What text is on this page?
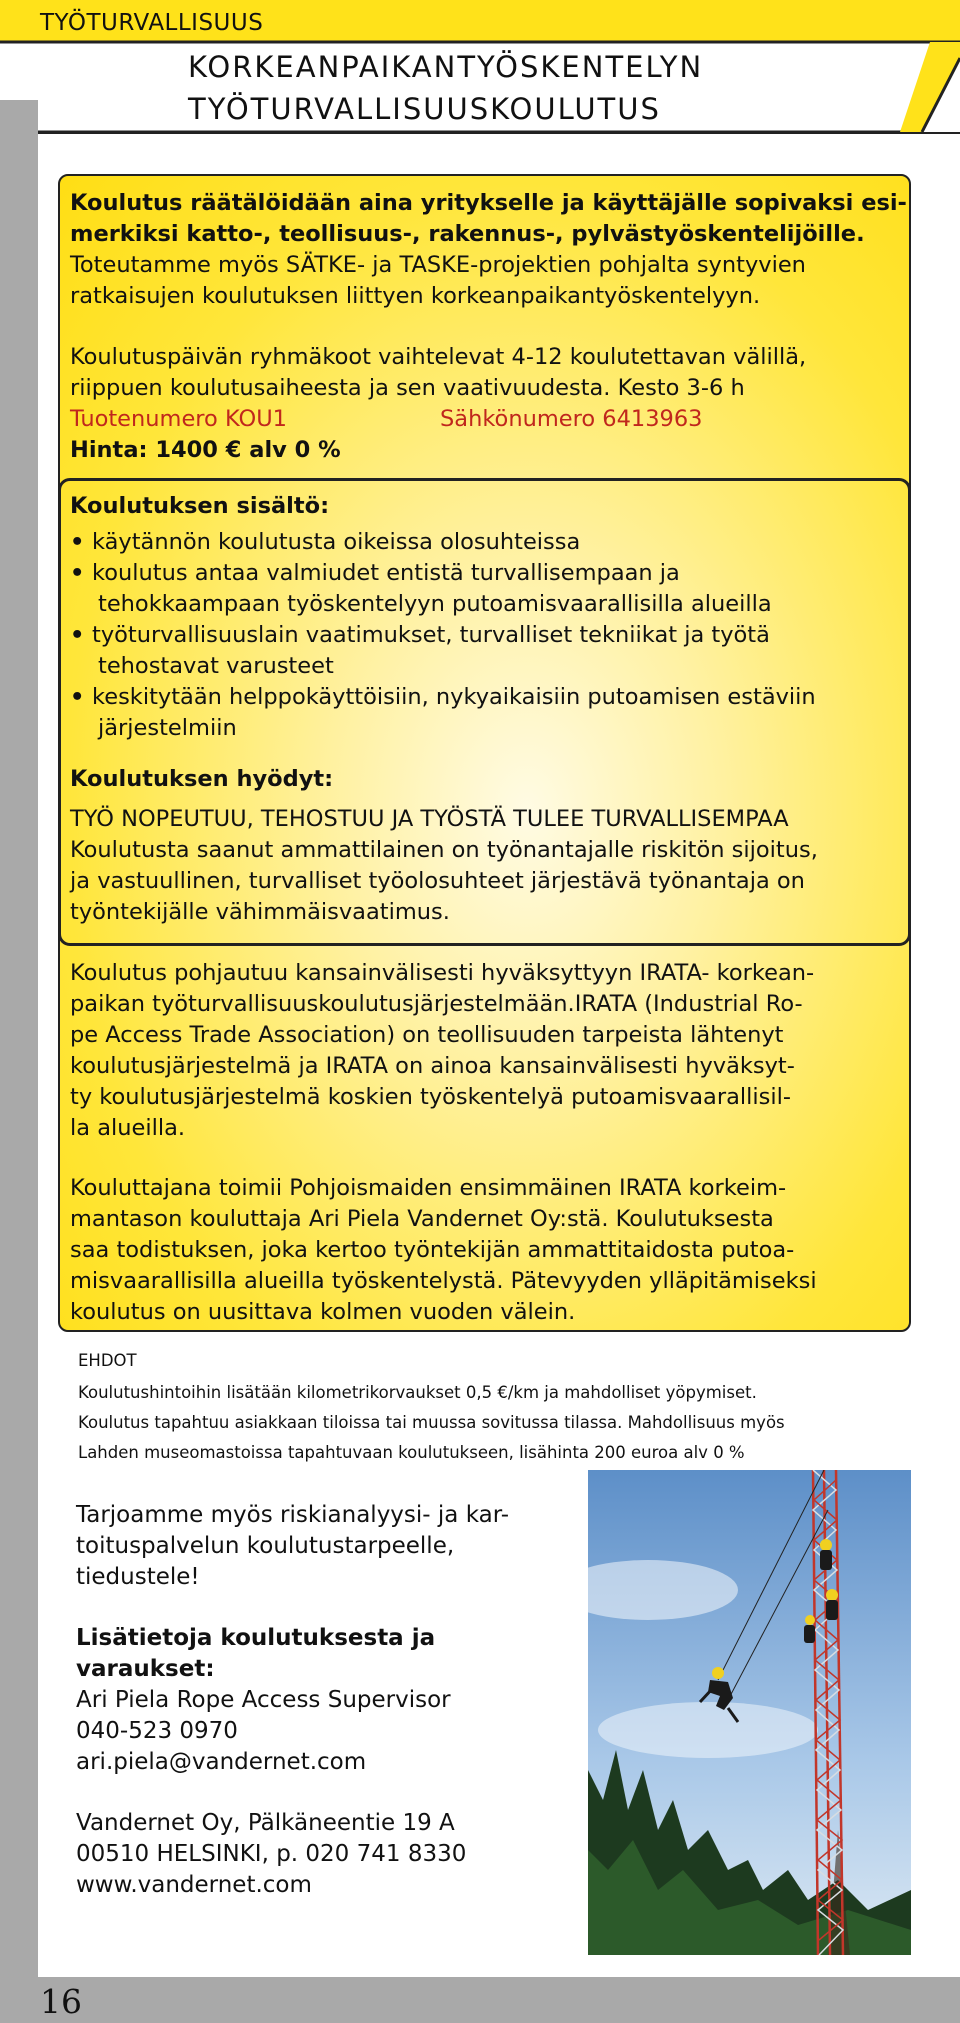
TYÖTURVALLISUUS
KORKEANPAIKANTYÖSKENTELYN
TYÖTURVALLISUUSKOULUTUS
Koulutus räätälöidään aina yritykselle ja käyttäjälle sopivaksi esi-
merkiksi katto-, teollisuus-, rakennus-, pylvästyöskentelijöille.
Toteutamme myös SÄTKE- ja TASKE-projektien pohjalta syntyvien
ratkaisujen koulutuksen liittyen korkeanpaikantyöskentelyyn.
Koulutuspäivän ryhmäkoot vaihtelevat 4-12 koulutettavan välillä,
riippuen koulutusaiheesta ja sen vaativuudesta. Kesto 3-6 h
Tuotenumero KOU1	Sähkönumero 6413963
Hinta: 1400 € alv 0 %
Koulutuksen sisältö:
• käytännön koulutusta oikeissa olosuhteissa
• koulutus antaa valmiudet entistä turvallisempaan ja
tehokkaampaan työskentelyyn putoamisvaarallisilla alueilla
• työturvallisuuslain vaatimukset, turvalliset tekniikat ja työtä
tehostavat varusteet
• keskitytään helppokäyttöisiin, nykyaikaisiin putoamisen estäviin
järjestelmiin
Koulutuksen hyödyt:
TYÖ NOPEUTUU, TEHOSTUU JA TYÖSTÄ TULEE TURVALLISEMPAA
Koulutusta saanut ammattilainen on työnantajalle riskitön sijoitus,
ja vastuullinen, turvalliset työolosuhteet järjestävä työnantaja on
työntekijälle vähimmäisvaatimus.
Koulutus pohjautuu kansainvälisesti hyväksyttyyn IRATA- korkean-
paikan työturvallisuuskoulutusjärjestelmään.IRATA (Industrial Ro-
pe Access Trade Association) on teollisuuden tarpeista lähtenyt
koulutusjärjestelmä ja IRATA on ainoa kansainvälisesti hyväksyt-
ty koulutusjärjestelmä koskien työskentelyä putoamisvaarallisil-
la alueilla.
Kouluttajana toimii Pohjoismaiden ensimmäinen IRATA korkeim-
mantason kouluttaja Ari Piela Vandernet Oy:stä. Koulutuksesta
saa todistuksen, joka kertoo työntekijän ammattitaidosta putoa-
misvaarallisilla alueilla työskentelystä. Pätevyyden ylläpitämiseksi
koulutus on uusittava kolmen vuoden välein.
EHDOT
Koulutushintoihin lisätään kilometrikorvaukset 0,5 €/km ja mahdolliset yöpymiset.
Koulutus tapahtuu asiakkaan tiloissa tai muussa sovitussa tilassa. Mahdollisuus myös
Lahden museomastoissa tapahtuvaan koulutukseen, lisähinta 200 euroa alv 0 %
Tarjoamme myös riskianalyysi- ja kar-
toituspalvelun koulutustarpeelle,
tiedustele!
Lisätietoja koulutuksesta ja
varaukset:
Ari Piela Rope Access Supervisor
040-523 0970
ari.piela@vandernet.com
Vandernet Oy, Pälkäneentie 19 A
00510 HELSINKI, p. 020 741 8330
www.vandernet.com
16
